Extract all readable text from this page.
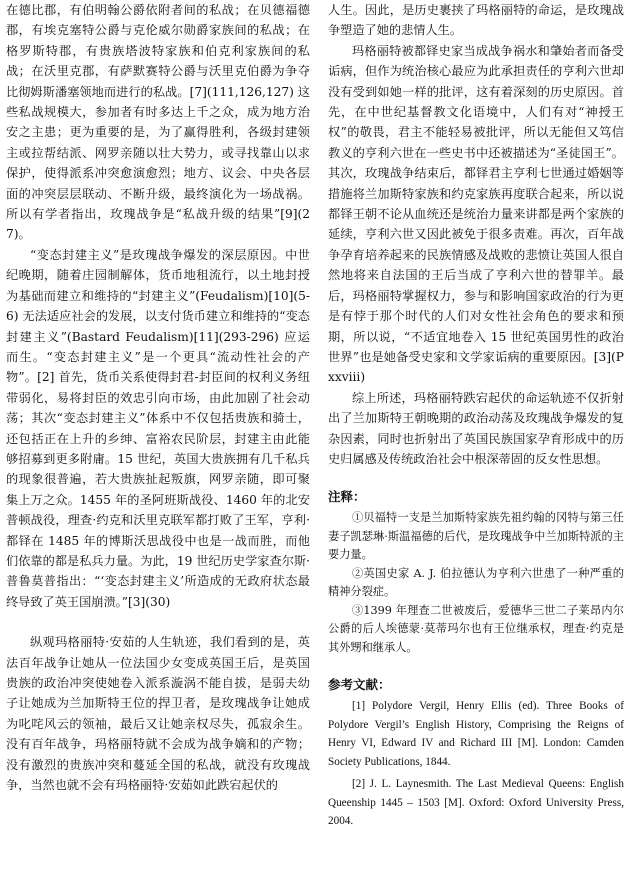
在德比郡，有伯明翰公爵依附者间的私战；在贝德福德郡，有埃克塞特公爵与克伦威尔勋爵家族间的私战；在格罗斯特郡，有贵族塔波特家族和伯克利家族间的私战；在沃里克郡，有萨默赛特公爵与沃里克伯爵为争夺比彻姆斯潘塞领地而进行的私战。[7](111,126,127) 这些私战规模大，参加者有时多达上千之众，成为地方治安之主患；更为重要的是，为了赢得胜利，各级封建领主或拉帮结派、网罗亲随以壮大势力，或寻找靠山以求保护，使得派系冲突愈演愈烈；地方、议会、中央各层面的冲突层层联动、不断升级，最终演化为一场战祸。所以有学者指出，玫瑰战争是“私战升级的结果”[9](27)。

“变态封建主义”是玫瑰战争爆发的深层原因。中世纪晚期，随着庄园制解体，货币地租流行，以土地封授为基础而建立和维持的“封建主义”(Feudalism)[10](5-6) 无法适应社会的发展，以支付货币建立和维持的“变态封建主义”(Bastard Feudalism)[11](293-296) 应运而生。“变态封建主义”是一个更具“流动性社会的产物”。[2] 首先，货币关系使得封君-封臣间的权利义务纽带弱化，易将封臣的效忠引向市场，由此加剧了社会动荡；其次“变态封建主义”体系中不仅包括贵族和骑士，还包括正在上升的乡绅、富裕农民阶层，封建主由此能够招募到更多附庸。15 世纪，英国大贵族拥有几千私兵的现象很普遍，若大贵族扯起叛旗，网罗亲随，即可聚集上万之众。1455 年的圣阿班斯战役、1460 年的北安普顿战役，理查·约克和沃里克联军都打败了王军，亨利·都铎在 1485 年的博斯沃思战役中也是一战而胜，而他们依靠的都是私兵力量。为此，19 世纪历史学家查尔斯·普鲁莫普指出：“‘变态封建主义’所造成的无政府状态最终导致了英王国崩溃。”[3](30)

纵观玛格丽特·安茹的人生轨迹，我们看到的是，英法百年战争让她从一位法国少女变成英国王后，是英国贵族的政治冲突使她卷入派系漩涡不能自拔，是弱夫幼子让她成为兰加斯特王位的捍卫者，是玫瑰战争让她成为叱咤风云的领袖，最后又让她亲权尽失，孤寂余生。没有百年战争，玛格丽特就不会成为战争嫡和的产物；没有激烈的贵族冲突和蔓延全国的私战，就没有玫瑰战争，当然也就不会有玛格丽特·安茹如此跌宕起伏的

人生。因此，是历史裹挟了玛格丽特的命运，是玫瑰战争塑造了她的悲情人生。

玛格丽特被都铎史家当成战争祸水和肇始者而备受诟病，但作为统治核心最应为此承担责任的亨利六世却没有受到如她一样的批评，这有着深刻的历史原因。首先，在中世纪基督教文化语境中，人们有对“神授王权”的敬畏，君主不能轻易被批评，所以无能但又笃信教义的亨利六世在一些史书中还被描述为“圣徒国王”。其次，玫瑰战争结束后，都铎君主亨利七世通过婚姻等措施将兰加斯特家族和约克家族再度联合起来，所以说都铎王朝不论从血统还是统治力量来讲都是两个家族的延续，亨利六世又因此被免于很多责难。再次，百年战争孕育培养起来的民族情感及战败的悲愤让英国人很自然地将来自法国的王后当成了亨利六世的替罪羊。最后，玛格丽特掌握权力，参与和影响国家政治的行为更是有悖于那个时代的人们对女性社会角色的要求和预期，所以说，“不适宜地卷入 15 世纪英国男性的政治世界”也是她备受史家和文学家诟病的重要原因。[3](Pxxviii)

综上所述，玛格丽特跌宕起伏的命运轨迹不仅折射出了兰加斯特王朝晚期的政治动荡及玫瑰战争爆发的复杂因素，同时也折射出了英国民族国家孕育形成中的历史归属感及传统政治社会中根深蒂固的反女性思想。

注释：
①贝福特一支是兰加斯特家族先祖约翰的冈特与第三任妻子凯瑟琳·斯温福德的后代，是玫瑰战争中兰加斯特派的主要力量。
②英国史家 A. J. 伯拉德认为亨利六世患了一种严重的精神分裂症。
③1399 年理查二世被废后，爱德华三世二子莱昂内尔公爵的后人埃德蒙·莫蒂玛尔也有王位继承权，理查·约克是其外甥和继承人。
参考文献：
[1] Polydore Vergil, Henry Ellis (ed). Three Books of Polydore Vergil’s English History, Comprising the Reigns of Henry VI, Edward IV and Richard III [M]. London: Camden Society Publications, 1844.
[2] J. L. Laynesmith. The Last Medieval Queens: English Queenship 1445 – 1503 [M]. Oxford: Oxford University Press, 2004.
